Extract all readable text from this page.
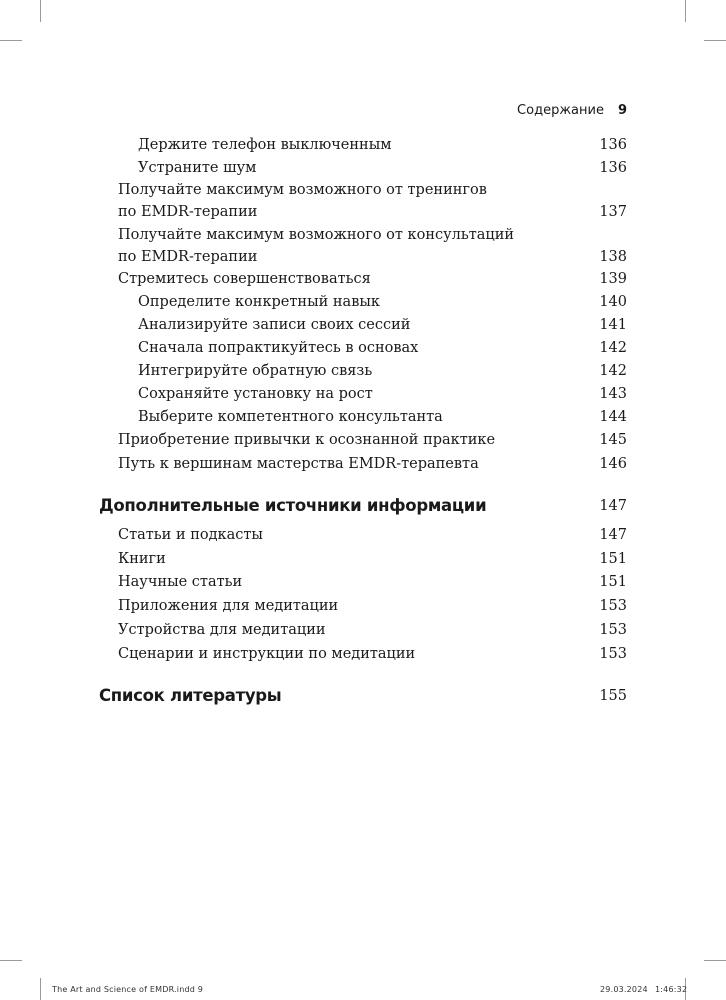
Содержание 9
Держите телефон выключенным	136
Устраните шум	136
Получайте максимум возможного от тренингов
по EMDR-терапии	137
Получайте максимум возможного от консультаций
по EMDR-терапии	138
Стремитесь совершенствоваться	139
Определите конкретный навык	140
Анализируйте записи своих сессий	141
Сначала попрактикуйтесь в основах	142
Интегрируйте обратную связь	142
Сохраняйте установку на рост	143
Выберите компетентного консультанта	144
Приобретение привычки к осознанной практике	145
Путь к вершинам мастерства EMDR-терапевта	146
Дополнительные источники информации	147
Статьи и подкасты	147
Книги	151
Научные статьи	151
Приложения для медитации	153
Устройства для медитации	153
Сценарии и инструкции по медитации	153
Список литературы	155
The Art and Science of EMDR.indd 9	29.03.2024 1:46:32
